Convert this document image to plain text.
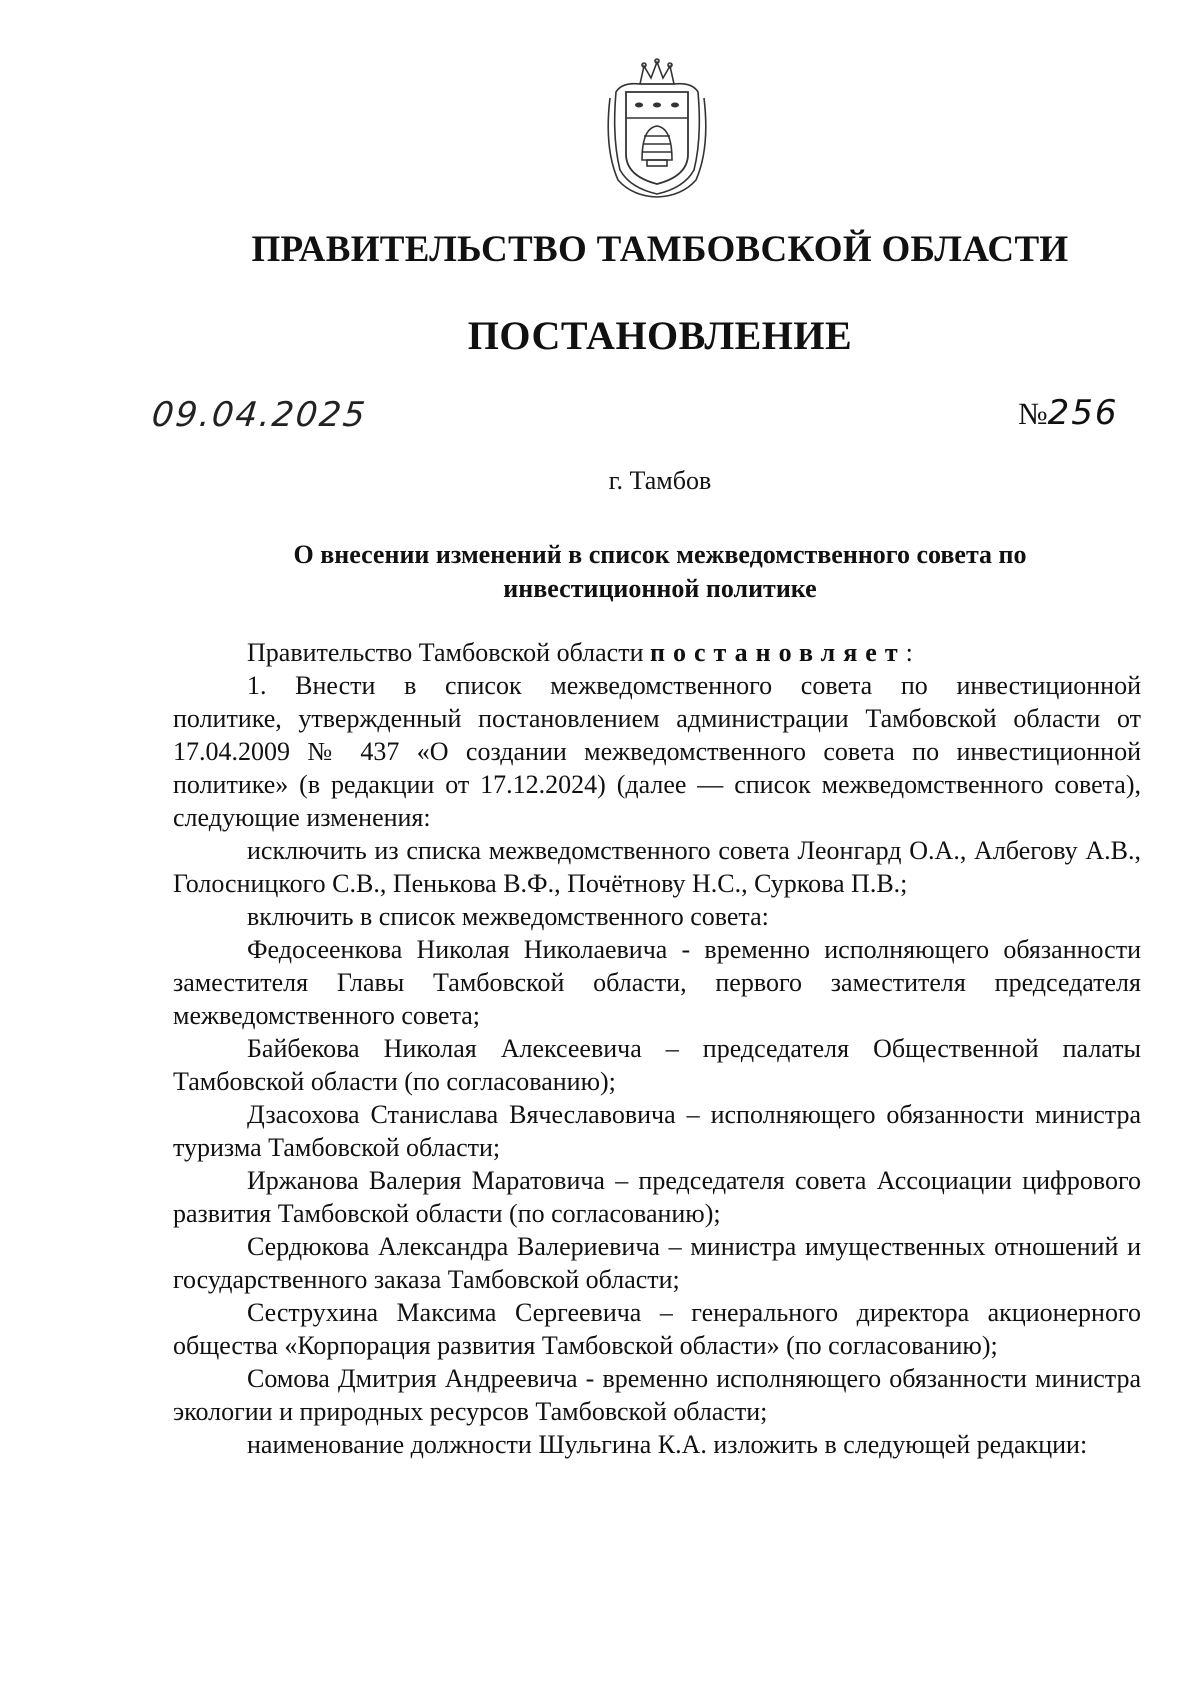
ПРАВИТЕЛЬСТВО ТАМБОВСКОЙ ОБЛАСТИ
ПОСТАНОВЛЕНИЕ
09.04.2025	№256
г. Тамбов
О внесении изменений в список межведомственного совета по
инвестиционной политике

Правительство Тамбовской области постановляет:

1. Внести в список межведомственного совета по инвестиционной

политике, утвержденный постановлением администрации Тамбовской области от 17.04.2009 № 437 «О создании межведомственного совета по инвестиционной политике» (в редакции от 17.12.2024) (далее — список межведомственного совета), следующие изменения:

исключить из списка межведомственного совета Леонгард О.А., Албегову А.В., Голосницкого С.В., Пенькова В.Ф., Почётнову Н.С., Суркова П.В.;

включить в список межведомственного совета:

Федосеенкова Николая Николаевича - временно исполняющего обязанности заместителя Главы Тамбовской области, первого заместителя председателя межведомственного совета;

Байбекова Николая Алексеевича – председателя Общественной палаты Тамбовской области (по согласованию);

Дзасохова Станислава Вячеславовича – исполняющего обязанности министра туризма Тамбовской области;

Иржанова Валерия Маратовича – председателя совета Ассоциации цифрового развития Тамбовской области (по согласованию);

Сердюкова Александра Валериевича – министра имущественных отношений и государственного заказа Тамбовской области;

Сеструхина Максима Сергеевича – генерального директора акционерного общества «Корпорация развития Тамбовской области» (по согласованию);

Сомова Дмитрия Андреевича - временно исполняющего обязанности министра экологии и природных ресурсов Тамбовской области;

наименование должности Шульгина К.А. изложить в следующей редакции:
